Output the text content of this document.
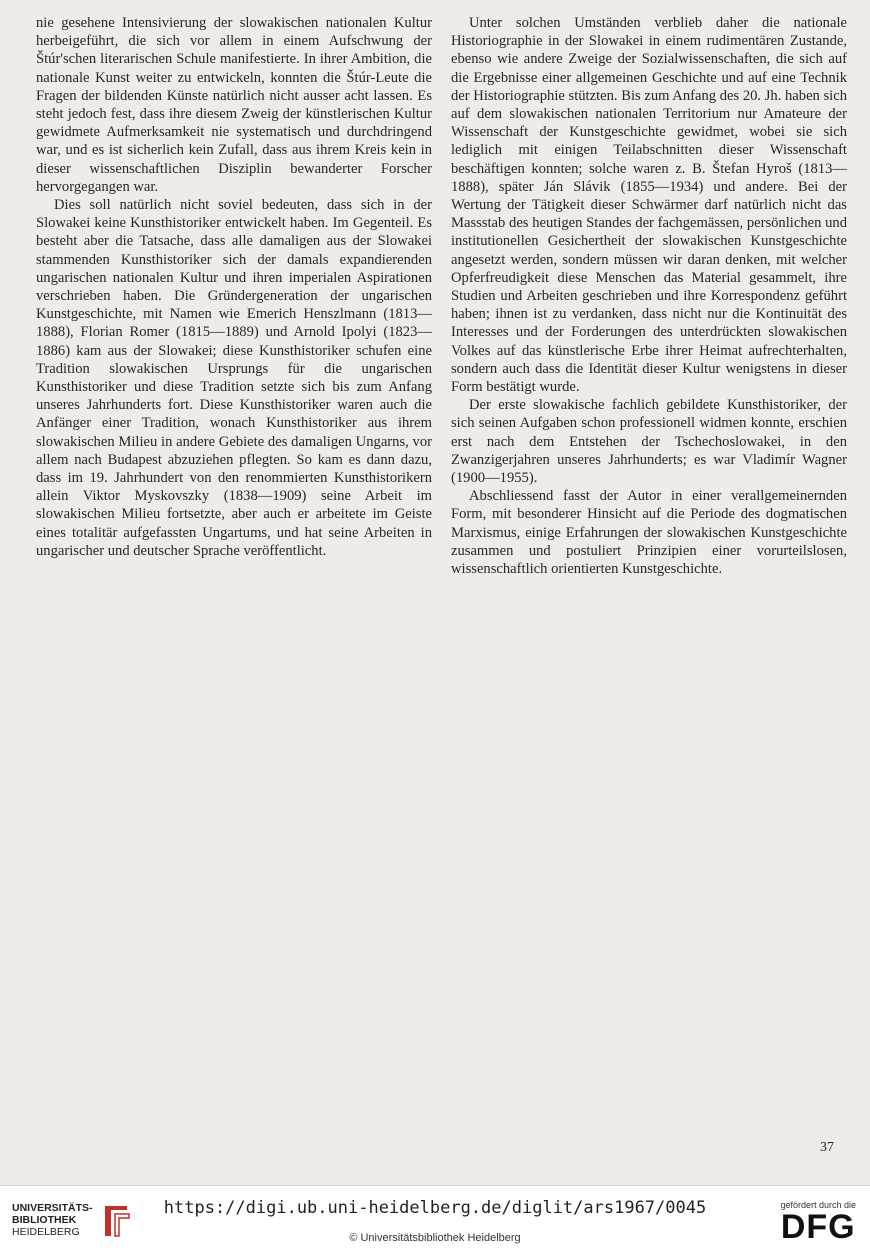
nie gesehene Intensivierung der slowakischen nationalen Kultur herbeigeführt, die sich vor allem in einem Aufschwung der Štúr'schen literarischen Schule manifestierte. In ihrer Ambition, die nationale Kunst weiter zu entwickeln, konnten die Štúr-Leute die Fragen der bildenden Künste natürlich nicht ausser acht lassen. Es steht jedoch fest, dass ihre diesem Zweig der künstlerischen Kultur gewidmete Aufmerksamkeit nie systematisch und durchdringend war, und es ist sicherlich kein Zufall, dass aus ihrem Kreis kein in dieser wissenschaftlichen Disziplin bewanderter Forscher hervorgegangen war.

Dies soll natürlich nicht soviel bedeuten, dass sich in der Slowakei keine Kunsthistoriker entwickelt haben. Im Gegenteil. Es besteht aber die Tatsache, dass alle damaligen aus der Slowakei stammenden Kunsthistoriker sich der damals expandierenden ungarischen nationalen Kultur und ihren imperialen Aspirationen verschrieben haben. Die Gründergeneration der ungarischen Kunstgeschichte, mit Namen wie Emerich Henszlmann (1813—1888), Florian Romer (1815—1889) und Arnold Ipolyi (1823—1886) kam aus der Slowakei; diese Kunsthistoriker schufen eine Tradition slowakischen Ursprungs für die ungarischen Kunsthistoriker und diese Tradition setzte sich bis zum Anfang unseres Jahrhunderts fort. Diese Kunsthistoriker waren auch die Anfänger einer Tradition, wonach Kunsthistoriker aus ihrem slowakischen Milieu in andere Gebiete des damaligen Ungarns, vor allem nach Budapest abzuziehen pflegten. So kam es dann dazu, dass im 19. Jahrhundert von den renommierten Kunsthistorikern allein Viktor Myskovszky (1838—1909) seine Arbeit im slowakischen Milieu fortsetzte, aber auch er arbeitete im Geiste eines totalitär aufgefassten Ungartums, und hat seine Arbeiten in ungarischer und deutscher Sprache veröffentlicht.

Unter solchen Umständen verblieb daher die nationale Historiographie in der Slowakei in einem rudimentären Zustande, ebenso wie andere Zweige der Sozialwissenschaften, die sich auf die Ergebnisse einer allgemeinen Geschichte und auf eine Technik der Historiographie stützten. Bis zum Anfang des 20. Jh. haben sich auf dem slowakischen nationalen Territorium nur Amateure der Wissenschaft der Kunstgeschichte gewidmet, wobei sie sich lediglich mit einigen Teilabschnitten dieser Wissenschaft beschäftigen konnten; solche waren z. B. Štefan Hyroš (1813—1888), später Ján Slávik (1855—1934) und andere. Bei der Wertung der Tätigkeit dieser Schwärmer darf natürlich nicht das Massstab des heutigen Standes der fachgemässen, persönlichen und institutionellen Gesichertheit der slowakischen Kunstgeschichte angesetzt werden, sondern müssen wir daran denken, mit welcher Opferfreudigkeit diese Menschen das Material gesammelt, ihre Studien und Arbeiten geschrieben und ihre Korrespondenz geführt haben; ihnen ist zu verdanken, dass nicht nur die Kontinuität des Interesses und der Forderungen des unterdrückten slowakischen Volkes auf das künstlerische Erbe ihrer Heimat aufrechterhalten, sondern auch dass die Identität dieser Kultur wenigstens in dieser Form bestätigt wurde.

Der erste slowakische fachlich gebildete Kunsthistoriker, der sich seinen Aufgaben schon professionell widmen konnte, erschien erst nach dem Entstehen der Tschechoslowakei, in den Zwanzigerjahren unseres Jahrhunderts; es war Vladimír Wagner (1900—1955).

Abschliessend fasst der Autor in einer verallgemeinernden Form, mit besonderer Hinsicht auf die Periode des dogmatischen Marxismus, einige Erfahrungen der slowakischen Kunstgeschichte zusammen und postuliert Prinzipien einer vorurteilslosen, wissenschaftlich orientierten Kunstgeschichte.

37
UNIVERSITÄTS-
BIBLIOTHEK
HEIDELBERG
https://digi.ub.uni-heidelberg.de/diglit/ars1967/0045
© Universitätsbibliothek Heidelberg
gefördert durch die
DFG
